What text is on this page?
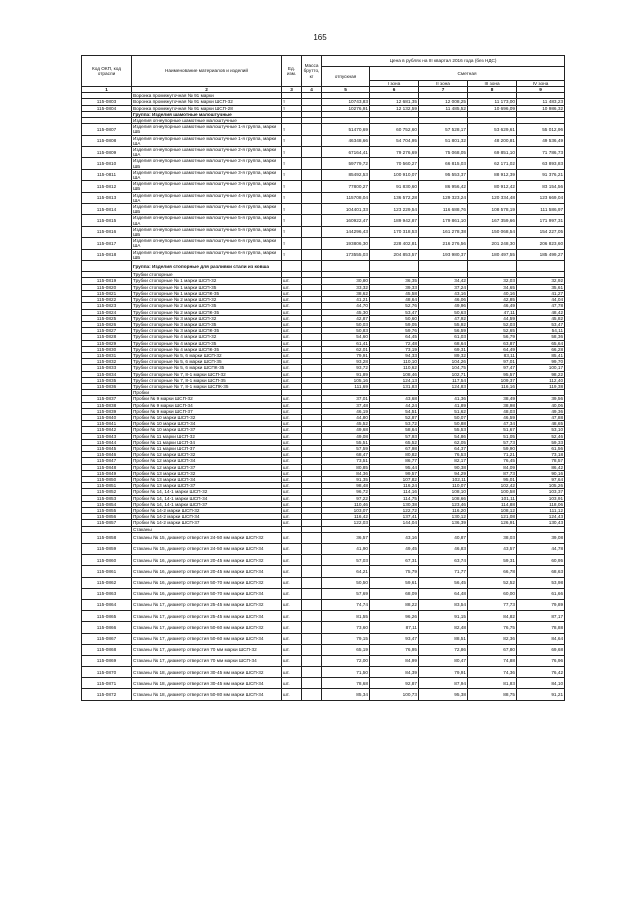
165
Код ОКП, код отрасли	Наименование материалов и изделий	Ед. изм.	Масса брутто, кг	Цена в рублях на III квартал 2016 года (без НДС)				
				отпускная	Сметная			
					I зона	II зона	III зона	IV зона
1	2	3	4	5	6	7	8	9
	Воронка промежуточная № 91 марки							
115-0803	Воронка промежуточная № 91 марки ШСП-32	т		10743,83	12 681,35	12 008,25	11 173,00	11 483,23
115-0804	Воронка промежуточная № 91 марки ШСП-28	т		10276,91	12 132,59	11 485,52	10 696,09	10 986,32
	Группа: Изделия шамотные малоштучные							
	Изделия огнеупорные шамотные малоштучные							
115-0807	Изделия огнеупорные шамотные малоштучные 1-я группа, марки ШБ	т		51470,69	60 752,60	57 528,17	53 629,61	55 012,96
115-0808	Изделия огнеупорные шамотные малоштучные 1-я группа, марки ША	т		46348,66	54 704,95	51 801,32	48 200,81	49 536,49
115-0809	Изделия огнеупорные шамотные малоштучные 2-я группа, марки ША	т		67164,41	79 276,69	75 068,05	69 851,10	71 786,73
115-0810	Изделия огнеупорные шамотные малоштучные 2-я группа, марки ШБ	т		59779,72	70 560,27	66 815,03	62 171,02	63 893,83
115-0811	Изделия огнеупорные шамотные малоштучные 3-я группа, марки ША	т		85492,53	100 910,07	95 553,37	88 912,39	91 376,21
115-0812	Изделия огнеупорные шамотные малоштучные 3-я группа, марки ШБ	т		77800,27	91 830,60	86 956,42	80 912,42	83 154,56
115-0813	Изделия огнеупорные шамотные малоштучные 4-я группа, марки ША	т		115708,04	136 572,28	129 323,24	120 334,48	123 669,04
115-0814	Изделия огнеупорные шамотные малоштучные 4-я группа, марки ШБ	т		104401,33	123 229,54	116 688,76	108 578,19	111 586,97
115-0815	Изделия огнеупорные шамотные малоштучные 5-я группа, марки ША	т		160922,47	189 942,87	179 861,10	167 359,66	171 997,31
115-0816	Изделия огнеупорные шамотные малоштучные 5-я группа, марки ШБ	т		144296,43	170 318,53	161 278,38	150 068,54	154 227,05
115-0817	Изделия огнеупорные шамотные малоштучные 6-я группа, марки ША	т		193806,30	228 402,81	216 276,56	201 248,30	206 823,60
115-0818	Изделия огнеупорные шамотные малоштучные 6-я группа, марки ШБ	т		173555,03	204 853,57	193 980,37	180 497,55	185 499,27
	Группа: Изделия стопорные для разливки стали из ковша							
	Трубки стопорные							
115-0819	Трубки стопорные № 1 марки ШСП-32	шт.		30,80	36,35	34,42	32,03	32,92
115-0820	Трубки стопорные № 1 марки ШСП-35	шт.		33,32	39,33	37,24	34,65	35,61
115-0821	Трубки стопорные № 1 марки ШСПК-35	шт.		38,62	45,58	43,16	40,16	41,27
115-0822	Трубки стопорные № 2 марки ШСП-32	шт.		41,21	48,64	46,06	42,85	44,04
115-0823	Трубки стопорные № 2 марки ШСП-35	шт.		44,70	52,76	49,96	46,49	47,78
115-0824	Трубки стопорные № 2 марки ШСПК-35	шт.		45,30	53,47	50,63	47,11	48,42
115-0825	Трубки стопорные № 3 марки ШСП-32	шт.		42,87	50,60	47,92	44,59	45,82
115-0826	Трубки стопорные № 3 марки ШСП-35	шт.		50,03	59,05	55,92	52,03	53,47
115-0827	Трубки стопорные № 3 марки ШСПК-35	шт.		50,83	59,76	56,59	52,65	54,11
115-0828	Трубки стопорные № 4 марки ШСП-32	шт.		54,60	64,45	61,03	56,79	58,36
115-0829	Трубки стопорные № 4 марки ШСП-35	шт.		61,41	72,48	68,64	63,87	65,64
115-0830	Трубки стопорные № 4 марки ШСПК-35	шт.		62,01	73,19	69,31	64,49	66,28
115-0831	Трубки стопорные № 5, 6 марки ШСП-32	шт.		79,91	94,33	89,32	83,11	85,41
115-0832	Трубки стопорные № 5, 6 марки ШСП-35	шт.		93,28	110,10	104,26	97,01	99,70
115-0833	Трубки стопорные № 5, 6 марки ШСПК-35	шт.		93,72	110,62	104,75	97,47	100,17
115-0834	Трубки стопорные № 7, 8-1 марки ШСП-32	шт.		91,89	108,46	102,71	95,57	98,22
115-0835	Трубки стопорные № 7, 8-1 марки ШСП-35	шт.		105,16	124,13	117,54	109,37	112,40
115-0836	Трубки стопорные № 7, 8-1 марки ШСПК-35	шт.		111,69	131,83	124,83	116,16	119,38
	Пробки							
115-0837	Пробки № 9 марки ШСП-32	шт.		37,01	43,68	41,36	38,49	39,56
115-0838	Пробки № 9 марки ШСП-34	шт.		37,48	44,24	41,89	38,98	40,06
115-0839	Пробки № 9 марки ШСП-37	шт.		46,19	54,51	51,62	48,03	49,36
115-0840	Пробки № 10 марки ШСП-32	шт.		44,80	52,87	50,07	46,59	47,88
115-0841	Пробки № 10 марки ШСП-34	шт.		45,52	53,72	50,88	47,34	48,65
115-0842	Пробки № 10 марки ШСП-37	шт.		49,68	58,64	55,53	51,67	53,10
115-0843	Пробки № 11 марки ШСП-32	шт.		49,08	57,93	54,86	51,05	52,46
115-0844	Пробки № 11 марки ШСП-34	шт.		55,51	65,52	62,05	57,73	59,33
115-0845	Пробки № 11 марки ШСП-37	шт.		57,59	67,98	64,37	59,90	61,56
115-0846	Пробки № 12 марки ШСП-32	шт.		68,47	80,82	76,53	71,21	73,18
115-0847	Пробки № 12 марки ШСП-34	шт.		73,51	86,77	82,17	76,45	78,57
115-0848	Пробки № 12 марки ШСП-37	шт.		80,85	95,44	90,38	84,09	86,42
115-0849	Пробки № 13 марки ШСП-32	шт.		84,36	99,57	94,29	87,73	90,16
115-0850	Пробки № 13 марки ШСП-34	шт.		91,35	107,82	102,11	95,01	97,64
115-0851	Пробки № 13 марки ШСП-37	шт.		98,48	116,24	110,07	102,42	105,26
115-0852	Пробки № 14, 14-1 марки ШСП-32	шт.		96,72	114,16	108,10	100,58	103,37
115-0853	Пробки № 14, 14-1 марки ШСП-34	шт.		97,22	114,75	108,66	101,11	103,91
115-0854	Пробки № 14, 14-1 марки ШСП-37	шт.		110,46	130,38	123,46	114,88	118,06
115-0855	Пробки № 14-2 марки ШСП-32	шт.		103,07	122,72	116,20	108,12	111,12
115-0856	Пробки № 14-2 марки ШСП-34	шт.		116,42	137,41	130,12	121,08	124,43
115-0857	Пробки № 14-2 марки ШСП-37	шт.		122,03	144,04	136,39	126,91	130,43
	Стаканы							
115-0858	Стаканы № 15, диаметр отверстия 24-50 мм марки ШСП-32	шт.		36,57	43,16	40,87	38,03	39,08
115-0859	Стаканы № 15, диаметр отверстия 24-50 мм марки ШСП-34	шт.		41,90	49,45	46,83	43,57	44,78
115-0860	Стаканы № 16, диаметр отверстия 20-45 мм марки ШСП-32	шт.		57,03	67,31	63,74	59,31	60,95
115-0861	Стаканы № 16, диаметр отверстия 20-45 мм марки ШСП-34	шт.		64,21	75,79	71,77	66,78	68,63
115-0862	Стаканы № 16, диаметр отверстия 50-70 мм марки ШСП-32	шт.		50,50	59,61	56,45	52,52	53,98
115-0863	Стаканы № 16, диаметр отверстия 50-70 мм марки ШСП-34	шт.		57,69	68,09	64,48	60,00	61,66
115-0864	Стаканы № 17, диаметр отверстия 25-45 мм марки ШСП-32	шт.		74,74	88,22	83,54	77,73	79,89
115-0865	Стаканы № 17, диаметр отверстия 25-45 мм марки ШСП-34	шт.		81,55	96,26	91,15	84,82	87,17
115-0866	Стаканы № 17, диаметр отверстия 50-60 мм марки ШСП-32	шт.		73,60	87,11	82,48	76,75	78,88
115-0867	Стаканы № 17, диаметр отверстия 50-60 мм марки ШСП-34	шт.		79,15	93,47	88,51	82,36	84,64
115-0868	Стаканы № 17, диаметр отверстия 70 мм марки ШСП-32	шт.		65,19	76,95	72,86	67,80	69,68
115-0869	Стаканы № 17, диаметр отверстия 70 мм марки ШСП-34	шт.		72,00	84,99	80,47	74,88	76,96
115-0870	Стаканы № 18, диаметр отверстия 30-45 мм марки ШСП-32	шт.		71,50	84,39	79,91	74,36	76,42
115-0871	Стаканы № 18, диаметр отверстия 30-45 мм марки ШСП-34	шт.		78,68	92,87	87,94	81,83	84,10
115-0872	Стаканы № 18, диаметр отверстия 50-80 мм марки ШСП-34	шт.		85,34	100,73	95,38	88,75	91,21
